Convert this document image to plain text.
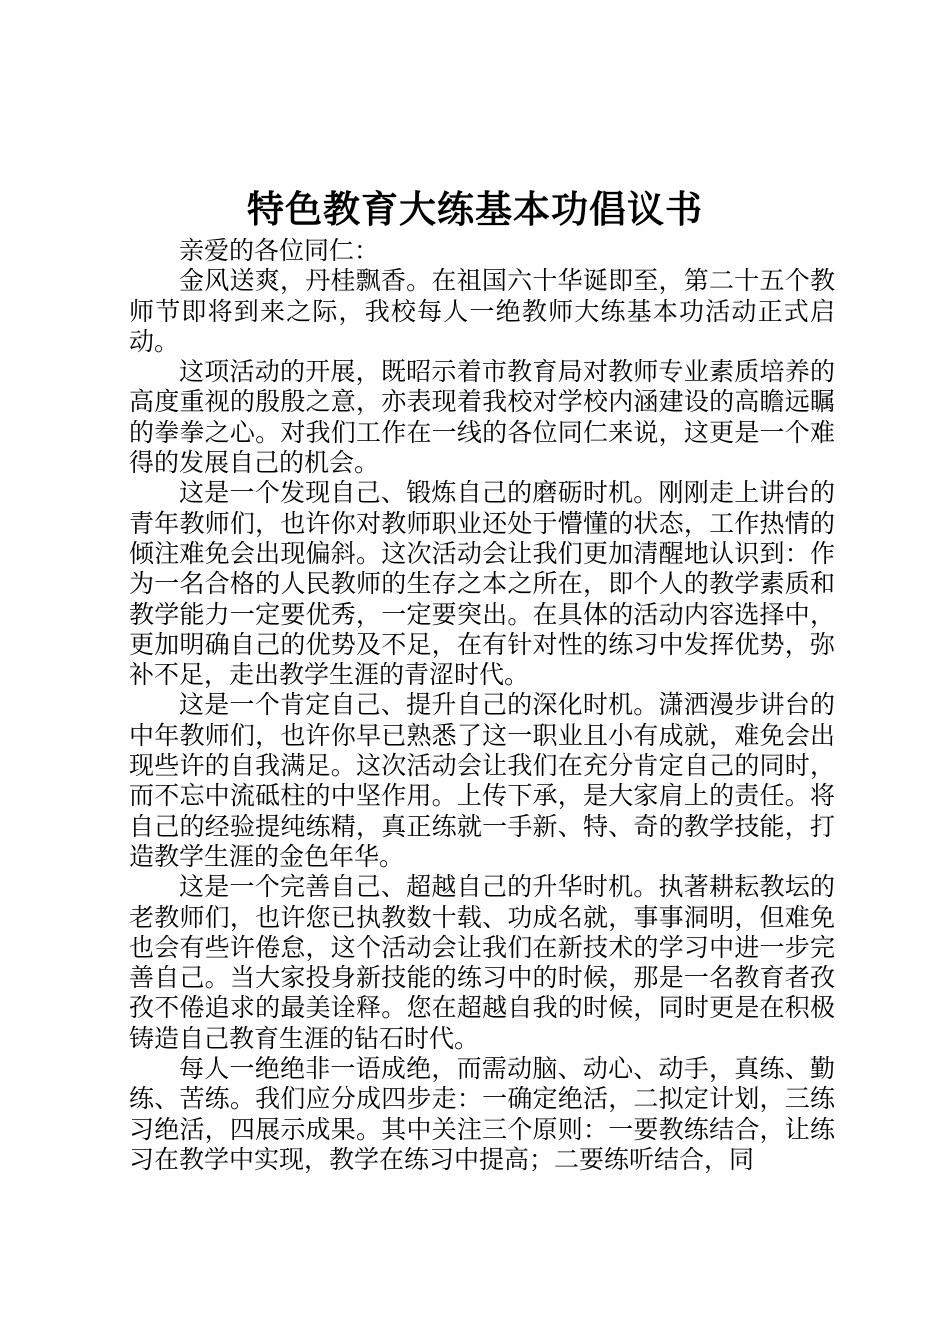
特色教育大练基本功倡议书

亲爱的各位同仁：

金风送爽，丹桂飘香。在祖国六十华诞即至，第二十五个教师节即将到来之际，我校每人一绝教师大练基本功活动正式启动。

这项活动的开展，既昭示着市教育局对教师专业素质培养的高度重视的殷殷之意，亦表现着我校对学校内涵建设的高瞻远瞩的拳拳之心。对我们工作在一线的各位同仁来说，这更是一个难得的发展自己的机会。

这是一个发现自己、锻炼自己的磨砺时机。刚刚走上讲台的青年教师们，也许你对教师职业还处于懵懂的状态，工作热情的倾注难免会出现偏斜。这次活动会让我们更加清醒地认识到：作为一名合格的人民教师的生存之本之所在，即个人的教学素质和教学能力一定要优秀，一定要突出。在具体的活动内容选择中，更加明确自己的优势及不足，在有针对性的练习中发挥优势，弥补不足，走出教学生涯的青涩时代。

这是一个肯定自己、提升自己的深化时机。潇洒漫步讲台的中年教师们，也许你早已熟悉了这一职业且小有成就，难免会出现些许的自我满足。这次活动会让我们在充分肯定自己的同时，而不忘中流砥柱的中坚作用。上传下承，是大家肩上的责任。将自己的经验提纯练精，真正练就一手新、特、奇的教学技能，打造教学生涯的金色年华。

这是一个完善自己、超越自己的升华时机。执著耕耘教坛的老教师们，也许您已执教数十载、功成名就，事事洞明，但难免也会有些许倦怠，这个活动会让我们在新技术的学习中进一步完善自己。当大家投身新技能的练习中的时候，那是一名教育者孜孜不倦追求的最美诠释。您在超越自我的时候，同时更是在积极铸造自己教育生涯的钻石时代。

每人一绝绝非一语成绝，而需动脑、动心、动手，真练、勤练、苦练。我们应分成四步走：一确定绝活，二拟定计划，三练习绝活，四展示成果。其中关注三个原则：一要教练结合，让练习在教学中实现，教学在练习中提高；二要练听结合，同
